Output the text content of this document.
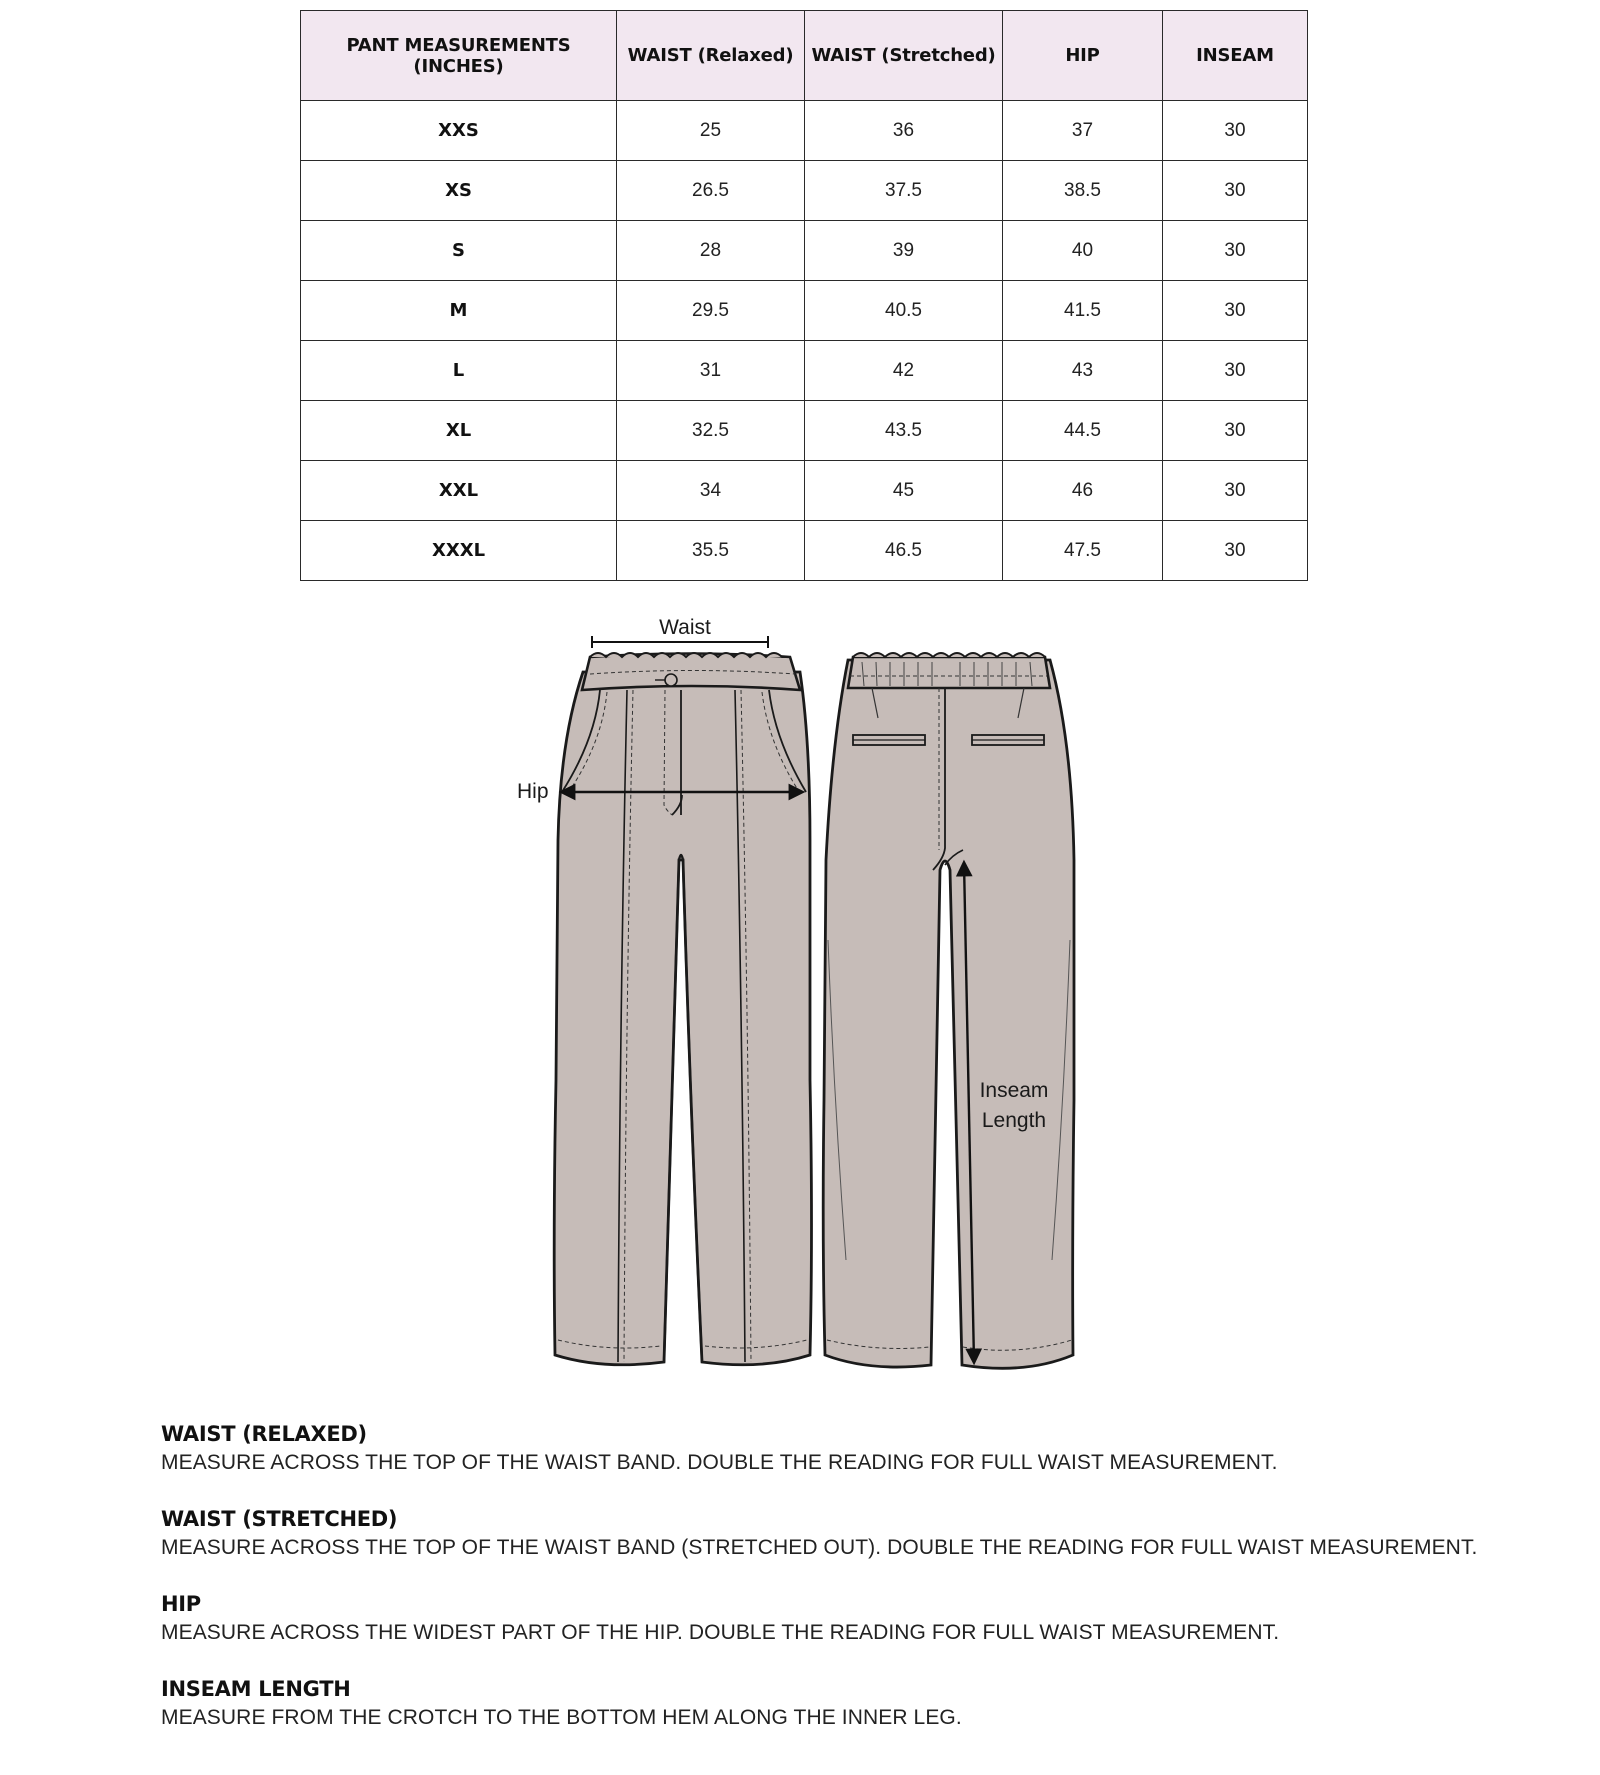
PANT MEASUREMENTS (INCHES)	WAIST (Relaxed)	WAIST (Stretched)	HIP	INSEAM
XXS	25	36	37	30
XS	26.5	37.5	38.5	30
S	28	39	40	30
M	29.5	40.5	41.5	30
L	31	42	43	30
XL	32.5	43.5	44.5	30
XXL	34	45	46	30
XXXL	35.5	46.5	47.5	30
Waist
Hip
Inseam
Length
WAIST (RELAXED)
MEASURE ACROSS THE TOP OF THE WAIST BAND. DOUBLE THE READING FOR FULL WAIST MEASUREMENT.
WAIST (STRETCHED)
MEASURE ACROSS THE TOP OF THE WAIST BAND (STRETCHED OUT). DOUBLE THE READING FOR FULL WAIST MEASUREMENT.
HIP
MEASURE ACROSS THE WIDEST PART OF THE HIP. DOUBLE THE READING FOR FULL WAIST MEASUREMENT.
INSEAM LENGTH
MEASURE FROM THE CROTCH TO THE BOTTOM HEM ALONG THE INNER LEG.
